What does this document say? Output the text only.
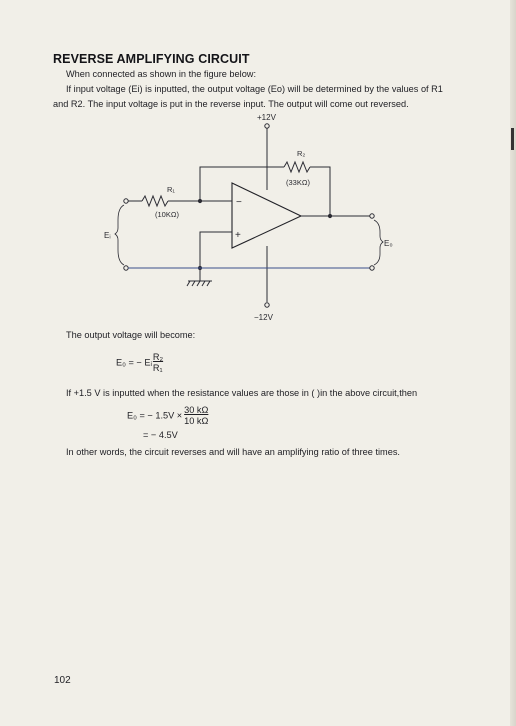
REVERSE AMPLIFYING CIRCUIT

When connected as shown in the figure below:

If input voltage (Ei) is inputted, the output voltage (Eo) will be determined by the values of R1 and R2. The input voltage is put in the reverse input. The output will come out reversed.

+12V
−12V
R₂
(33KΩ)
R₁
(10KΩ)
−
+
Eᵢ
E₀

The output voltage will become:

E₀ = − Eᵢ $\frac{\text{R₂}}{\text{R₁}}$

If +1.5 V is inputted when the resistance values are those in ( )in the above circuit,then

E₀ = − $1.5V \times \frac{30 k\Omega}{10 k\Omega}$

= − 4.5V

In other words, the circuit reverses and will have an amplifying ratio of three times.

102
